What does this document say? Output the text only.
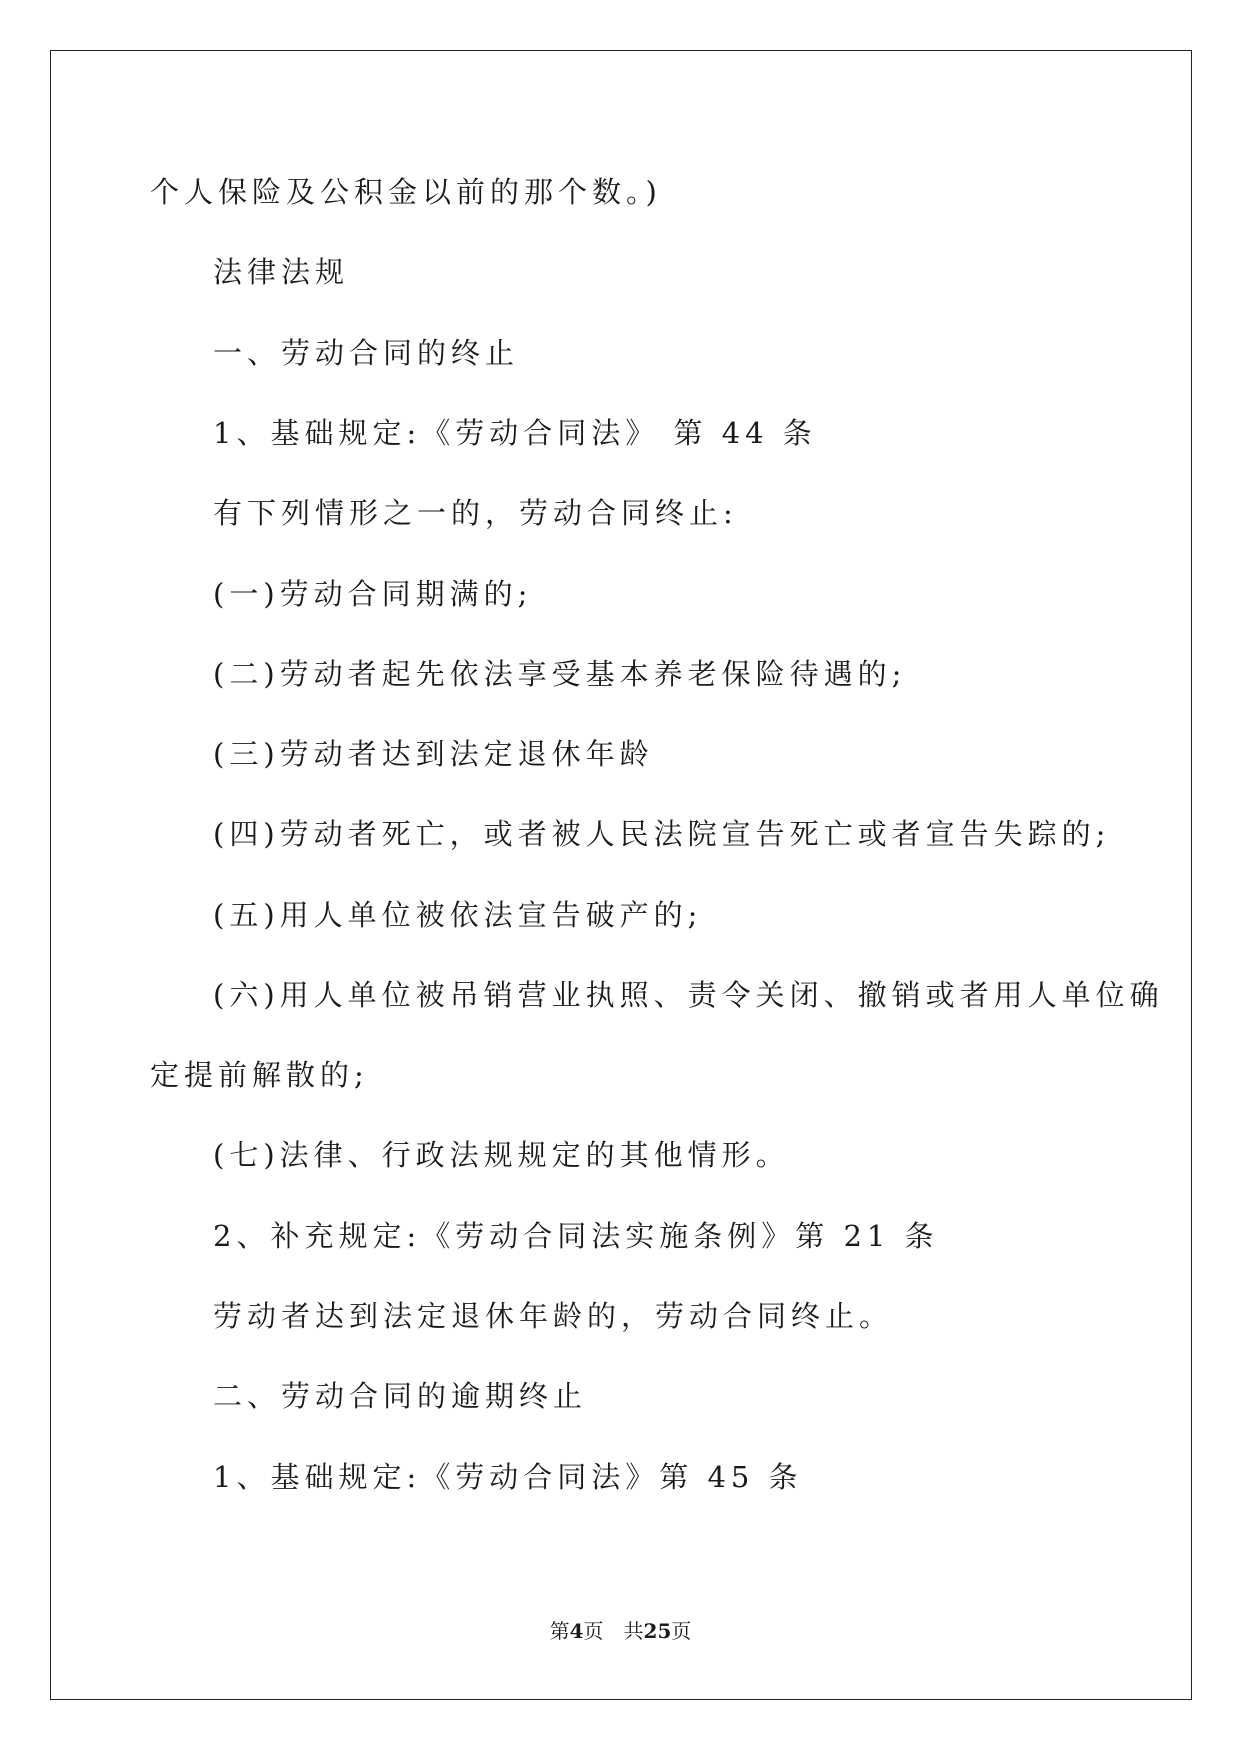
个人保险及公积金以前的那个数。)
法律法规
一、劳动合同的终止
1、基础规定:《劳动合同法》 第 44 条
有下列情形之一的，劳动合同终止:
(一)劳动合同期满的;
(二)劳动者起先依法享受基本养老保险待遇的;
(三)劳动者达到法定退休年龄
(四)劳动者死亡，或者被人民法院宣告死亡或者宣告失踪的;
(五)用人单位被依法宣告破产的;
(六)用人单位被吊销营业执照、责令关闭、撤销或者用人单位确
定提前解散的;
(七)法律、行政法规规定的其他情形。
2、补充规定:《劳动合同法实施条例》第 21 条
劳动者达到法定退休年龄的，劳动合同终止。
二、劳动合同的逾期终止
1、基础规定:《劳动合同法》第 45 条
第4页　共25页
